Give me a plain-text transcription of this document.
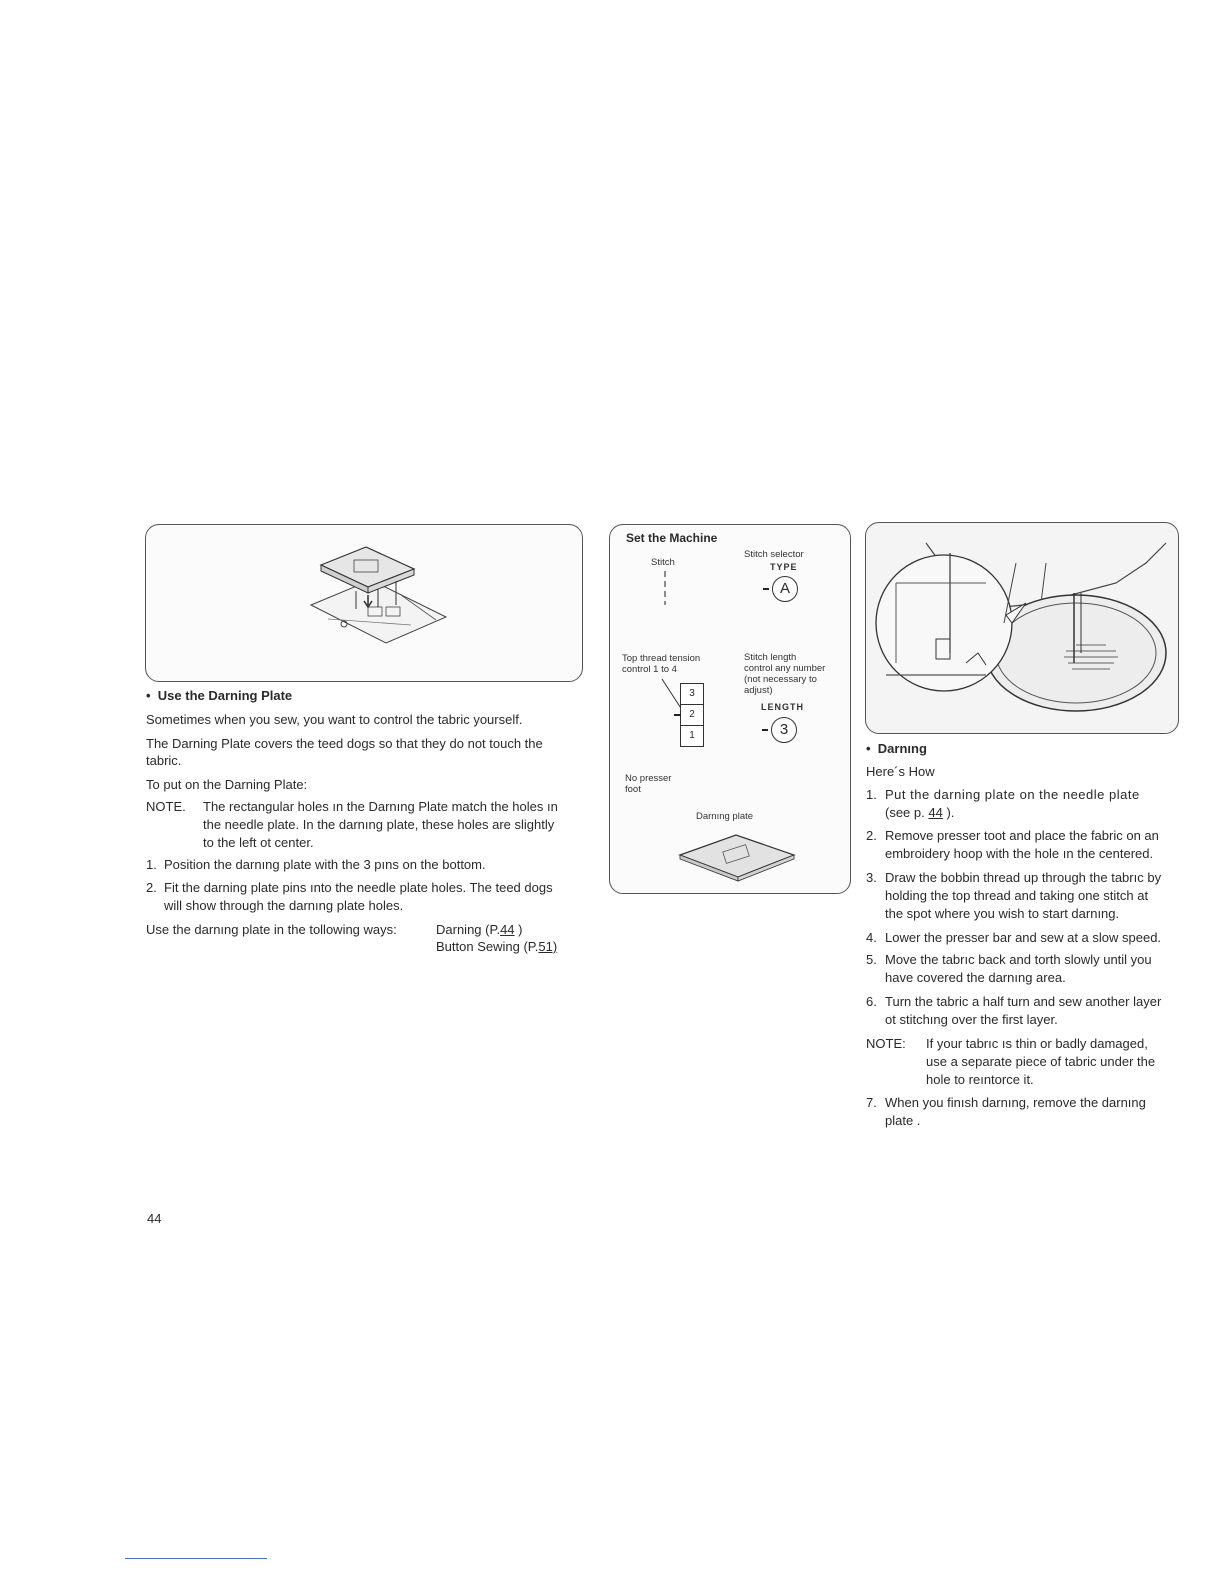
• Use the Darning Plate
Sometimes when you sew, you want to control the tabric yourself.
The Darning Plate covers the teed dogs so that they do not touch the
tabric.
To put on the Darning Plate:
NOTE. The rectangular holes ın the Darnıng Plate match the holes ın
the needle plate. In the darnıng plate, these holes are slightly
to the left ot center.
1. Position the darnıng plate with the 3 pıns on the bottom.
2. Fit the darning plate pins ınto the needle plate holes. The teed dogs
will show through the darnıng plate holes.
Use the darnıng plate in the tollowing ways:	Darning (P.44 )
Button Sewing (P.51)
Set the Machine
Stitch
Stitch selector
TYPE
A
Top thread tension
control 1 to 4
3
2
1
Stitch length
control any number
(not necessary to
adjust)
LENGTH
3
No presser
foot
Darnıng plate
• Darnıng
Here´s How
1. Put the darning plate on the needle plate
(see p. 44 ).
2. Remove presser toot and place the fabric on an
embroidery hoop with the hole ın the centered.
3. Draw the bobbin thread up through the tabrıc by
holding the top thread and taking one stitch at
the spot where you wish to start darnıng.
4. Lower the presser bar and sew at a slow speed.
5. Move the tabrıc back and torth slowly until you
have covered the darnıng area.
6. Turn the tabric a half turn and sew another layer
ot stitchıng over the first layer.
NOTE: If your tabrıc ıs thin or badly damaged,
use a separate piece of tabric under the
hole to reıntorce it.
7. When you finısh darnıng, remove the darnıng
plate .
44
